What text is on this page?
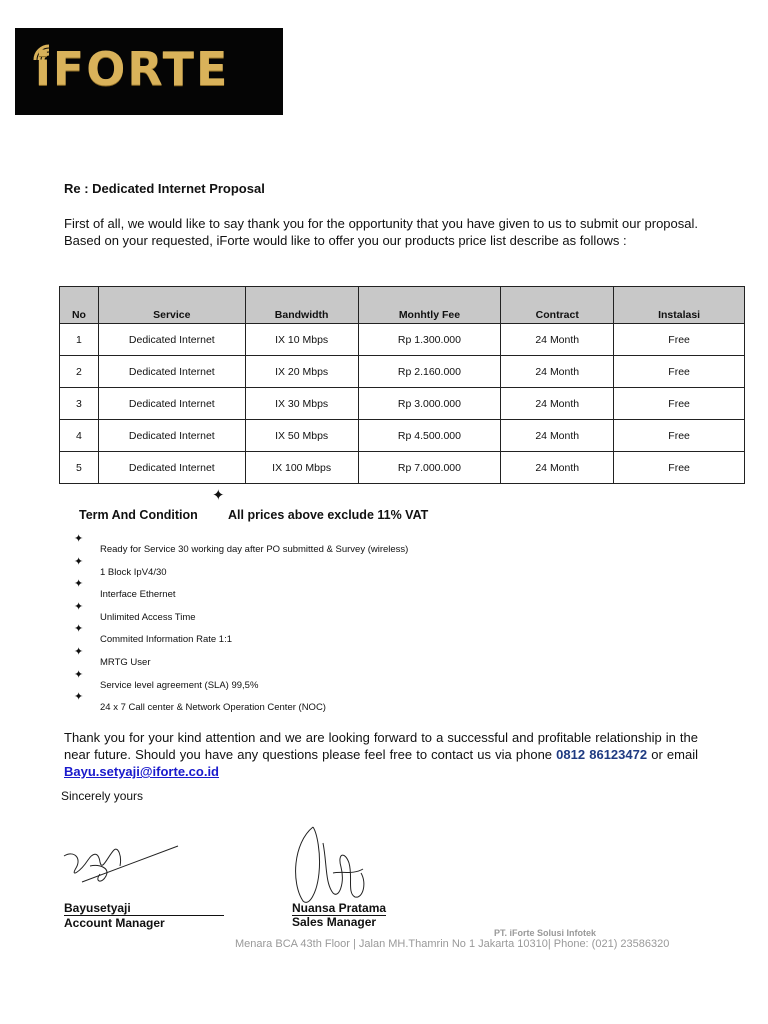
iFORTE
Re : Dedicated Internet Proposal
First of all, we would like to say thank you for the opportunity that you have given to us to submit our proposal. Based on your requested, iForte would like to offer you our products price list describe as follows :
No	Service	Bandwidth	Monhtly Fee	Contract	Instalasi
1	Dedicated Internet	IX 10 Mbps	Rp 1.300.000	24 Month	Free
2	Dedicated Internet	IX 20 Mbps	Rp 2.160.000	24 Month	Free
3	Dedicated Internet	IX 30 Mbps	Rp 3.000.000	24 Month	Free
4	Dedicated Internet	IX 50 Mbps	Rp 4.500.000	24 Month	Free
5	Dedicated Internet	IX 100 Mbps	Rp 7.000.000	24 Month	Free
✦
Term And Condition All prices above exclude 11% VAT
✦
Ready for Service 30 working day after PO submitted & Survey (wireless)
✦
1 Block IpV4/30
✦
Interface Ethernet
✦
Unlimited Access Time
✦
Commited Information Rate 1:1
✦
MRTG User
✦
Service level agreement (SLA) 99,5%
✦
24 x 7 Call center & Network Operation Center (NOC)
Thank you for your kind attention and we are looking forward to a successful and profitable relationship in the near future. Should you have any questions please feel free to contact us via phone 0812 86123472 or email Bayu.setyaji@iforte.co.id
Sincerely yours
Bayusetyaji
Account Manager
Nuansa Pratama
Sales Manager
PT. iForte Solusi Infotek
Menara BCA 43th Floor | Jalan MH.Thamrin No 1 Jakarta 10310| Phone: (021) 23586320
